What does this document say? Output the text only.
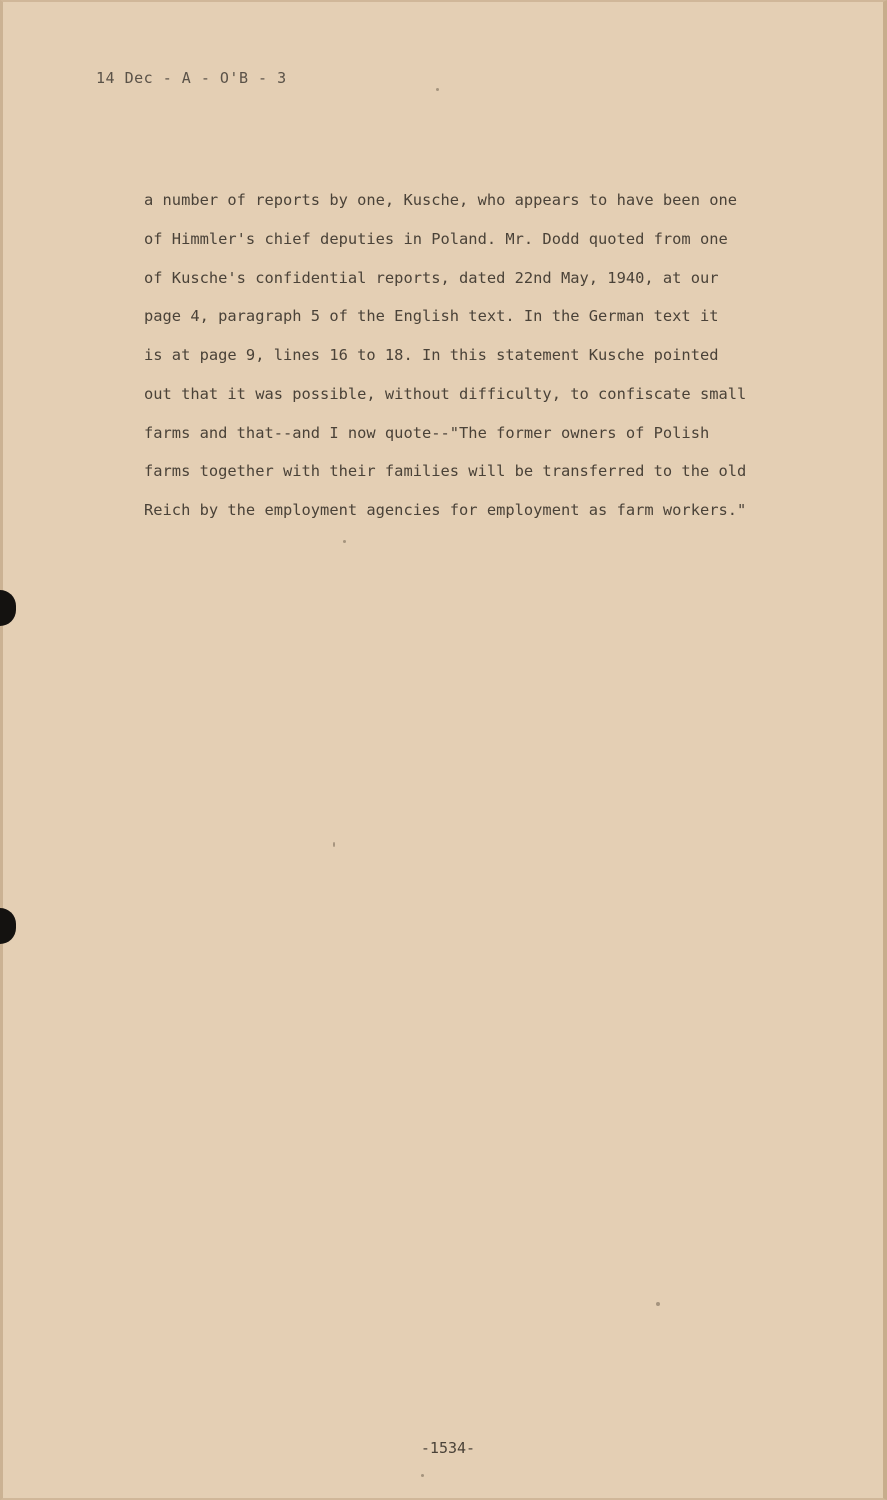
14 Dec - A - O'B - 3
a number of reports by one, Kusche, who appears to have been one
of Himmler's chief deputies in Poland. Mr. Dodd quoted from one
of Kusche's confidential reports, dated 22nd May, 1940, at our
page 4, paragraph 5 of the English text. In the German text it
is at page 9, lines 16 to 18. In this statement Kusche pointed
out that it was possible, without difficulty, to confiscate small
farms and that--and I now quote--"The former owners of Polish
farms together with their families will be transferred to the old
Reich by the employment agencies for employment as farm workers."
-1534-
